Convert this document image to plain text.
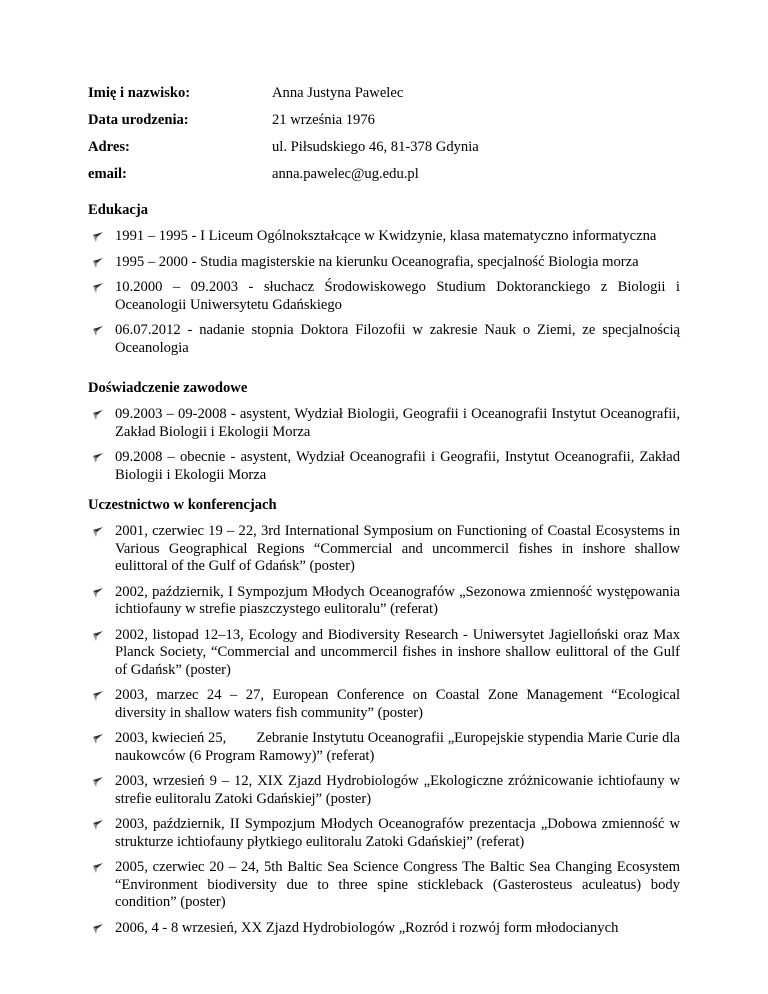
Imię i nazwisko:	Anna Justyna Pawelec
Data urodzenia:	21 września 1976
Adres:	ul. Piłsudskiego 46, 81-378 Gdynia
email:	anna.pawelec@ug.edu.pl
Edukacja
1991 – 1995 - I Liceum Ogólnokształcące w Kwidzynie, klasa matematyczno informatyczna
1995 – 2000 - Studia magisterskie na kierunku Oceanografia, specjalność Biologia morza
10.2000 – 09.2003 - słuchacz Środowiskowego Studium Doktoranckiego z Biologii i Oceanologii Uniwersytetu Gdańskiego
06.07.2012 - nadanie stopnia Doktora Filozofii w zakresie Nauk o Ziemi, ze specjalnością Oceanologia
Doświadczenie zawodowe
09.2003 – 09-2008 - asystent, Wydział Biologii, Geografii i Oceanografii Instytut Oceanografii, Zakład Biologii i Ekologii Morza
09.2008 – obecnie - asystent, Wydział Oceanografii i Geografii, Instytut Oceanografii, Zakład Biologii i Ekologii Morza
Uczestnictwo w konferencjach
2001, czerwiec 19 – 22, 3rd International Symposium on Functioning of Coastal Ecosystems in Various Geographical Regions “Commercial and uncommercil fishes in inshore shallow eulittoral of the Gulf of Gdańsk” (poster)
2002, październik, I Sympozjum Młodych Oceanografów „Sezonowa zmienność występowania ichtiofauny w strefie piaszczystego eulitoralu” (referat)
2002, listopad 12–13, Ecology and Biodiversity Research - Uniwersytet Jagielloński oraz Max Planck Society, “Commercial and uncommercil fishes in inshore shallow eulittoral of the Gulf of Gdańsk” (poster)
2003, marzec 24 – 27, European Conference on Coastal Zone Management “Ecological diversity in shallow waters fish community” (poster)
2003, kwiecień 25,        Zebranie Instytutu Oceanografii „Europejskie stypendia Marie Curie dla naukowców (6 Program Ramowy)” (referat)
2003, wrzesień 9 – 12, XIX Zjazd Hydrobiologów „Ekologiczne zróżnicowanie ichtiofauny w strefie eulitoralu Zatoki Gdańskiej” (poster)
2003, październik, II Sympozjum Młodych Oceanografów prezentacja „Dobowa zmienność w strukturze ichtiofauny płytkiego eulitoralu Zatoki Gdańskiej” (referat)
2005, czerwiec 20 – 24, 5th Baltic Sea Science Congress The Baltic Sea Changing Ecosystem “Environment biodiversity due to three spine stickleback (Gasterosteus aculeatus) body condition” (poster)
2006, 4 - 8 wrzesień, XX Zjazd Hydrobiologów „Rozród i rozwój form młodocianych
